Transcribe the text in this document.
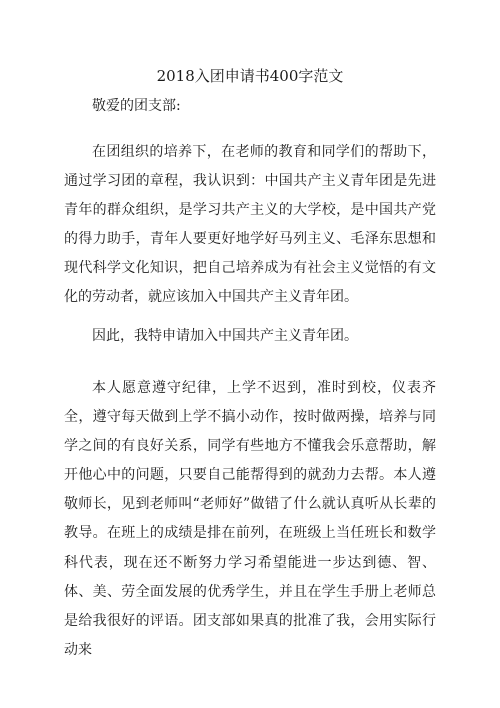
2018入团申请书400字范文

敬爱的团支部:

在团组织的培养下，在老师的教育和同学们的帮助下，通过学习团的章程，我认识到：中国共产主义青年团是先进青年的群众组织，是学习共产主义的大学校，是中国共产党的得力助手，青年人要更好地学好马列主义、毛泽东思想和现代科学文化知识，把自己培养成为有社会主义觉悟的有文化的劳动者，就应该加入中国共产主义青年团。

因此，我特申请加入中国共产主义青年团。

本人愿意遵守纪律，上学不迟到，准时到校，仪表齐全，遵守每天做到上学不搞小动作，按时做两操，培养与同学之间的有良好关系，同学有些地方不懂我会乐意帮助，解开他心中的问题，只要自己能帮得到的就劲力去帮。本人遵敬师长，见到老师叫“老师好”做错了什么就认真听从长辈的教导。在班上的成绩是排在前列，在班级上当任班长和数学科代表，现在还不断努力学习希望能进一步达到德、智、体、美、劳全面发展的优秀学生，并且在学生手册上老师总是给我很好的评语。团支部如果真的批准了我，会用实际行动来
